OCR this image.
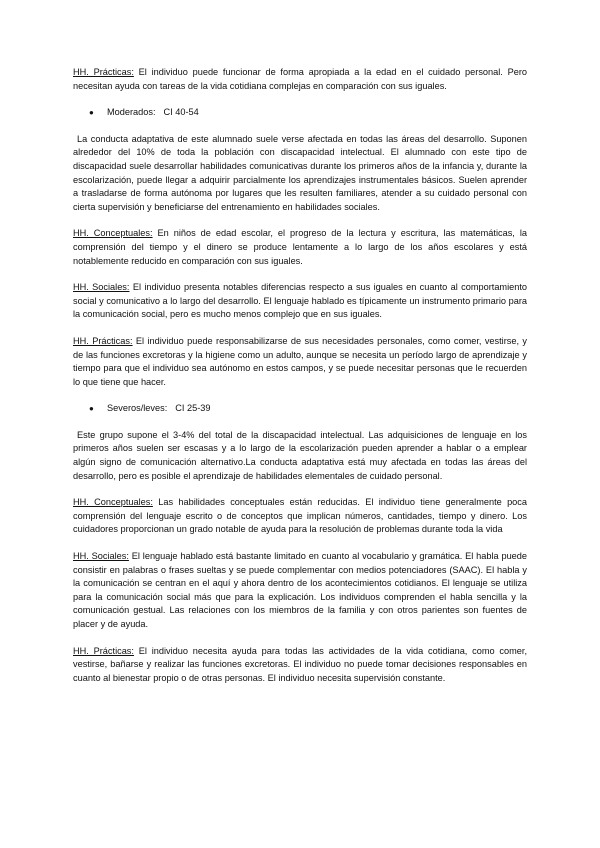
HH. Prácticas: El individuo puede funcionar de forma apropiada a la edad en el cuidado personal. Pero necesitan ayuda con tareas de la vida cotidiana complejas en comparación con sus iguales.

●	Moderados: CI 40-54

La conducta adaptativa de este alumnado suele verse afectada en todas las áreas del desarrollo. Suponen alrededor del 10% de toda la población con discapacidad intelectual. El alumnado con este tipo de discapacidad suele desarrollar habilidades comunicativas durante los primeros años de la infancia y, durante la escolarización, puede llegar a adquirir parcialmente los aprendizajes instrumentales básicos. Suelen aprender a trasladarse de forma autónoma por lugares que les resulten familiares, atender a su cuidado personal con cierta supervisión y beneficiarse del entrenamiento en habilidades sociales.

HH. Conceptuales: En niños de edad escolar, el progreso de la lectura y escritura, las matemáticas, la comprensión del tiempo y el dinero se produce lentamente a lo largo de los años escolares y está notablemente reducido en comparación con sus iguales.

HH. Sociales: El individuo presenta notables diferencias respecto a sus iguales en cuanto al comportamiento social y comunicativo a lo largo del desarrollo. El lenguaje hablado es típicamente un instrumento primario para la comunicación social, pero es mucho menos complejo que en sus iguales.

HH. Prácticas: El individuo puede responsabilizarse de sus necesidades personales, como comer, vestirse, y de las funciones excretoras y la higiene como un adulto, aunque se necesita un período largo de aprendizaje y tiempo para que el individuo sea autónomo en estos campos, y se puede necesitar personas que le recuerden lo que tiene que hacer.

●	Severos/leves: CI 25-39

Este grupo supone el 3-4% del total de la discapacidad intelectual. Las adquisiciones de lenguaje en los primeros años suelen ser escasas y a lo largo de la escolarización pueden aprender a hablar o a emplear algún signo de comunicación alternativo.La conducta adaptativa está muy afectada en todas las áreas del desarrollo, pero es posible el aprendizaje de habilidades elementales de cuidado personal.

HH. Conceptuales: Las habilidades conceptuales están reducidas. El individuo tiene generalmente poca comprensión del lenguaje escrito o de conceptos que implican números, cantidades, tiempo y dinero. Los cuidadores proporcionan un grado notable de ayuda para la resolución de problemas durante toda la vida

HH. Sociales: El lenguaje hablado está bastante limitado en cuanto al vocabulario y gramática. El habla puede consistir en palabras o frases sueltas y se puede complementar con medios potenciadores (SAAC). El habla y la comunicación se centran en el aquí y ahora dentro de los acontecimientos cotidianos. El lenguaje se utiliza para la comunicación social más que para la explicación. Los individuos comprenden el habla sencilla y la comunicación gestual. Las relaciones con los miembros de la familia y con otros parientes son fuentes de placer y de ayuda.

HH. Prácticas: El individuo necesita ayuda para todas las actividades de la vida cotidiana, como comer, vestirse, bañarse y realizar las funciones excretoras. El individuo no puede tomar decisiones responsables en cuanto al bienestar propio o de otras personas. El individuo necesita supervisión constante.
